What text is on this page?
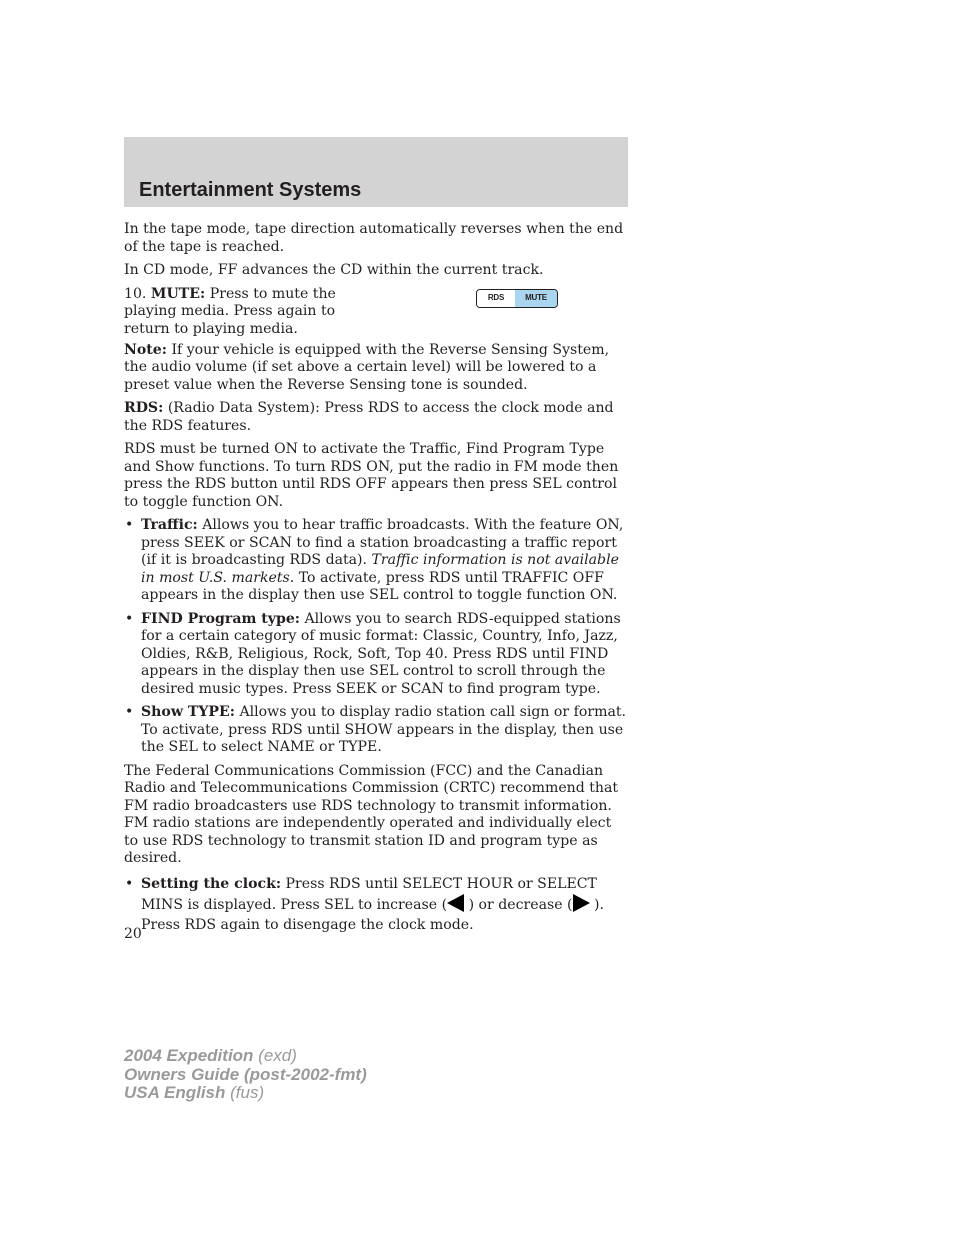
Entertainment Systems

In the tape mode, tape direction automatically reverses when the end of the tape is reached.

In CD mode, FF advances the CD within the current track.

10. MUTE: Press to mute the playing media. Press again to return to playing media.
RDS	MUTE

Note: If your vehicle is equipped with the Reverse Sensing System, the audio volume (if set above a certain level) will be lowered to a preset value when the Reverse Sensing tone is sounded.

RDS: (Radio Data System): Press RDS to access the clock mode and the RDS features.

RDS must be turned ON to activate the Traffic, Find Program Type and Show functions. To turn RDS ON, put the radio in FM mode then press the RDS button until RDS OFF appears then press SEL control to toggle function ON.

• Traffic: Allows you to hear traffic broadcasts. With the feature ON, press SEEK or SCAN to find a station broadcasting a traffic report (if it is broadcasting RDS data). Traffic information is not available in most U.S. markets. To activate, press RDS until TRAFFIC OFF appears in the display then use SEL control to toggle function ON.
• FIND Program type: Allows you to search RDS-equipped stations for a certain category of music format: Classic, Country, Info, Jazz, Oldies, R&B, Religious, Rock, Soft, Top 40. Press RDS until FIND appears in the display then use SEL control to scroll through the desired music types. Press SEEK or SCAN to find program type.
• Show TYPE: Allows you to display radio station call sign or format. To activate, press RDS until SHOW appears in the display, then use the SEL to select NAME or TYPE.

The Federal Communications Commission (FCC) and the Canadian Radio and Telecommunications Commission (CRTC) recommend that FM radio broadcasters use RDS technology to transmit information. FM radio stations are independently operated and individually elect to use RDS technology to transmit station ID and program type as desired.

• Setting the clock: Press RDS until SELECT HOUR or SELECT MINS is displayed. Press SEL to increase ( ) or decrease ( ). Press RDS again to disengage the clock mode.
20
2004 Expedition (exd)
Owners Guide (post-2002-fmt)
USA English (fus)
